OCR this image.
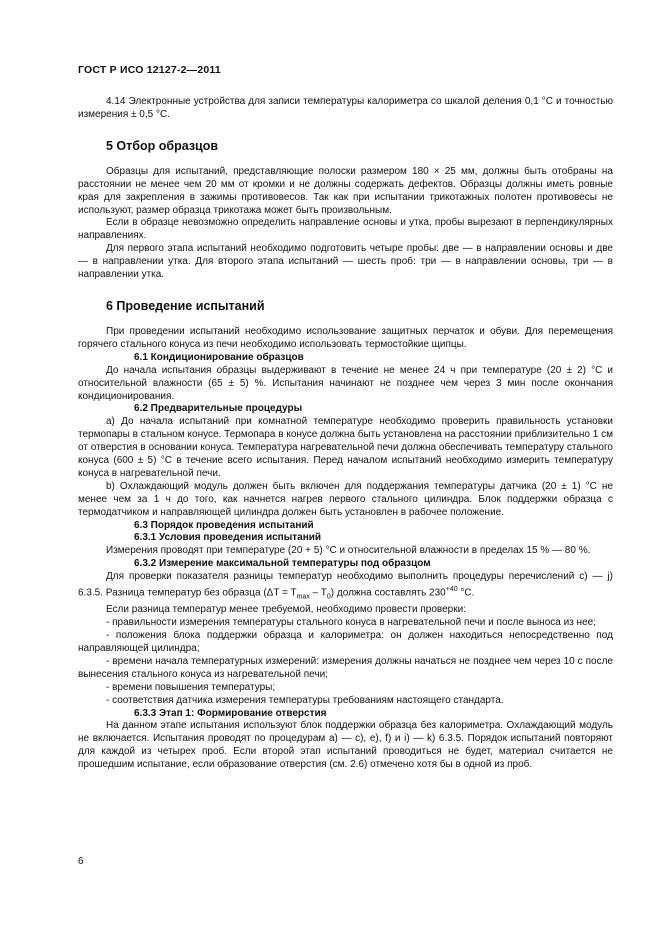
ГОСТ Р ИСО 12127-2—2011

4.14 Электронные устройства для записи температуры калориметра со шкалой деления 0,1 °С и точностью измерения ± 0,5 °С.

5 Отбор образцов

Образцы для испытаний, представляющие полоски размером 180 × 25 мм, должны быть отобраны на расстоянии не менее чем 20 мм от кромки и не должны содержать дефектов. Образцы должны иметь ровные края для закрепления в зажимы противовесов. Так как при испытании трикотажных полотен противовесы не используют, размер образца трикотажа может быть произвольным.

Если в образце невозможно определить направление основы и утка, пробы вырезают в перпендикулярных направлениях.

Для первого этапа испытаний необходимо подготовить четыре пробы: две — в направлении основы и две — в направлении утка. Для второго этапа испытаний — шесть проб: три — в направлении основы, три — в направлении утка.

6 Проведение испытаний

При проведении испытаний необходимо использование защитных перчаток и обуви. Для перемещения горячего стального конуса из печи необходимо использовать термостойкие щипцы.

6.1 Кондиционирование образцов

До начала испытания образцы выдерживают в течение не менее 24 ч при температуре (20 ± 2) °С и относительной влажности (65 ± 5) %. Испытания начинают не позднее чем через 3 мин после окончания кондиционирования.

6.2 Предварительные процедуры

a) До начала испытаний при комнатной температуре необходимо проверить правильность установки термопары в стальном конусе. Термопара в конусе должна быть установлена на расстоянии приблизительно 1 см от отверстия в основании конуса. Температура нагревательной печи должна обеспечивать температуру стального конуса (600 ± 5) °С в течение всего испытания. Перед началом испытаний необходимо измерить температуру конуса в нагревательной печи.

b) Охлаждающий модуль должен быть включен для поддержания температуры датчика (20 ± 1) °С не менее чем за 1 ч до того, как начнется нагрев первого стального цилиндра. Блок поддержки образца с термодатчиком и направляющей цилиндра должен быть установлен в рабочее положение.

6.3 Порядок проведения испытаний

6.3.1 Условия проведения испытаний

Измерения проводят при температуре (20 + 5) °С и относительной влажности в пределах 15 % — 80 %.

6.3.2 Измерение максимальной температуры под образцом

Для проверки показателя разницы температур необходимо выполнить процедуры перечислений c) — j) 6.3.5. Разница температур без образца $(\Delta T = T_{max} - T_0)$ должна составлять $230^{+40}$ °С.

Если разница температур менее требуемой, необходимо провести проверки:

- правильности измерения температуры стального конуса в нагревательной печи и после выноса из нее;

- положения блока поддержки образца и калориметра: он должен находиться непосредственно под направляющей цилиндра;

- времени начала температурных измерений: измерения должны начаться не позднее чем через 10 с после вынесения стального конуса из нагревательной печи;

- времени повышения температуры;

- соответствия датчика измерения температуры требованиям настоящего стандарта.

6.3.3 Этап 1: Формирование отверстия

На данном этапе испытания используют блок поддержки образца без калориметра. Охлаждающий модуль не включается. Испытания проводят по процедурам a) — c), e), f) и i) — k) 6.3.5. Порядок испытаний повторяют для каждой из четырех проб. Если второй этап испытаний проводиться не будет, материал считается не прошедшим испытание, если образование отверстия (см. 2.6) отмечено хотя бы в одной из проб.

6
